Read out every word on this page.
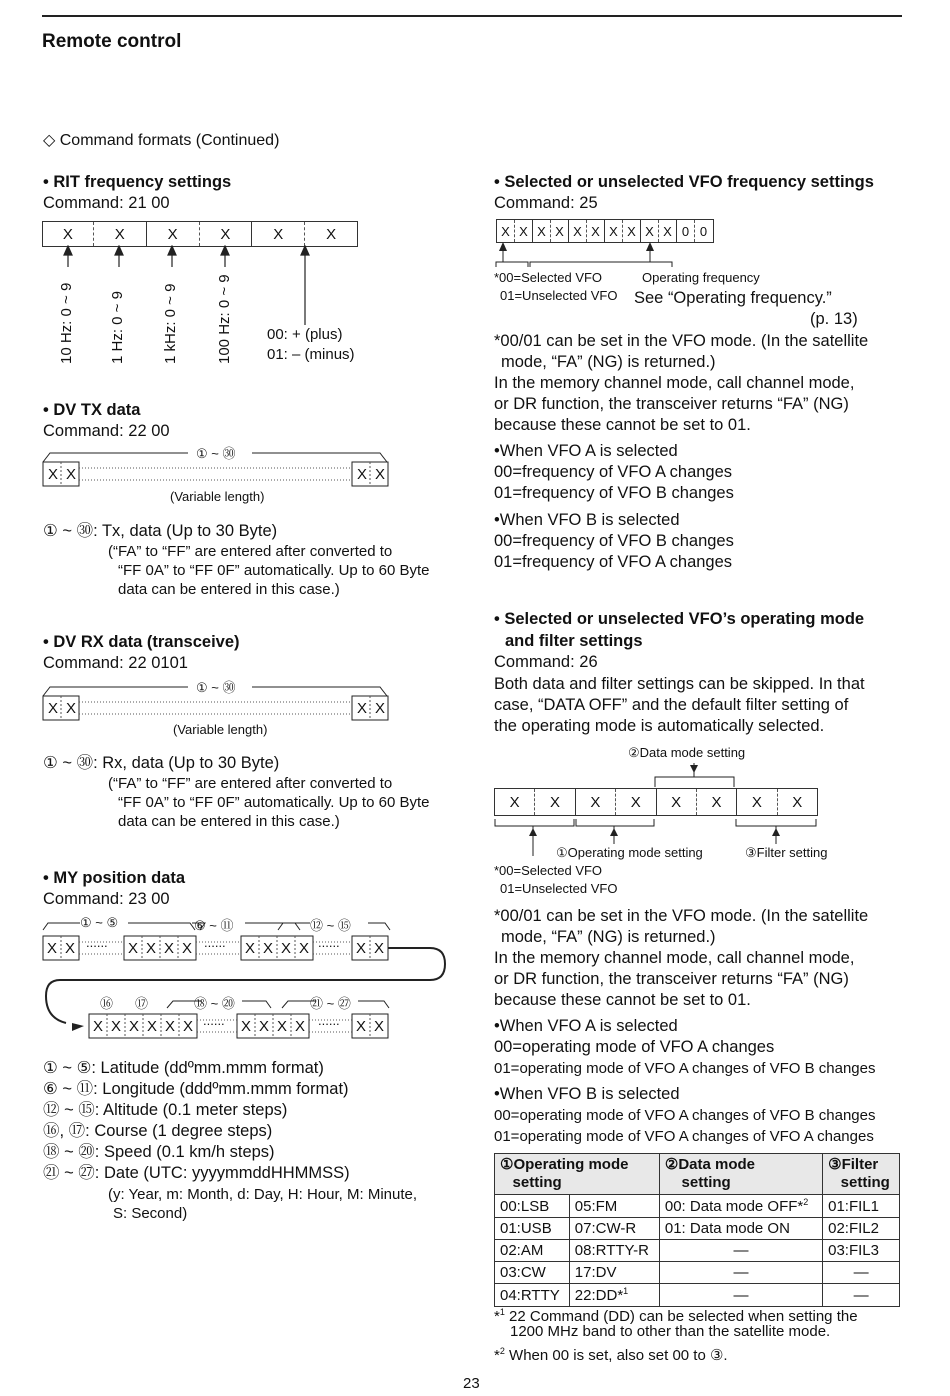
Remote control
◇ Command formats (Continued)
• RIT frequency settings
Command: 21 00
X	X	X	X	X	X
10 Hz: 0 ~ 9 1 Hz: 0 ~ 9 1 kHz: 0 ~ 9 100 Hz: 0 ~ 9 00: + (plus)
01: – (minus)
• DV TX data
Command: 22 00
① ~ ㉚
X X	X X
(Variable length)
① ~ ㉚: Tx, data (Up to 30 Byte)
(“FA” to “FF” are entered after converted to
“FF 0A” to “FF 0F” automatically. Up to 60 Byte
data can be entered in this case.)
• DV RX data (transceive)
Command: 22 0101
① ~ ㉚
X X	X X
(Variable length)
① ~ ㉚: Rx, data (Up to 30 Byte)
(“FA” to “FF” are entered after converted to
“FF 0A” to “FF 0F” automatically. Up to 60 Byte
data can be entered in this case.)
• MY position data
Command: 23 00
① ~ ⑤	⑥ ~ ⑪	⑫ ~ ⑮
⑯ ⑰	⑱ ~ ⑳	㉑ ~ ㉗
X X	X X X X	X X X X	X X
X X X X X X	X X X X	X X
......	......	......
......	......
① ~ ⑤: Latitude (ddºmm.mmm format)
⑥ ~ ⑪: Longitude (dddºmm.mmm format)
⑫ ~ ⑮: Altitude (0.1 meter steps)
⑯, ⑰: Course (1 degree steps)
⑱ ~ ⑳: Speed (0.1 km/h steps)
㉑ ~ ㉗: Date (UTC: yyyymmddHHMMSS)
(y: Year, m: Month, d: Day, H: Hour, M: Minute,
S: Second)
• Selected or unselected VFO frequency settings
Command: 25
X X X X X X X X X X 0 0
*00=Selected VFO
01=Unselected VFO
Operating frequency
See “Operating frequency.”
(p. 13)
*00/01 can be set in the VFO mode. (In the satellite
mode, “FA” (NG) is returned.)
In the memory channel mode, call channel mode,
or DR function, the transceiver returns “FA” (NG)
because these cannot be set to 01.
•When VFO A is selected
00=frequency of VFO A changes
01=frequency of VFO B changes
•When VFO B is selected
00=frequency of VFO B changes
01=frequency of VFO A changes
• Selected or unselected VFO’s operating mode
and filter settings
Command: 26
Both data and filter settings can be skipped. In that
case, “DATA OFF” and the default filter setting of
the operating mode is automatically selected.
②Data mode setting
X	X	X	X	X	X	X	X
①Operating mode setting	③Filter setting
*00=Selected VFO
01=Unselected VFO
*00/01 can be set in the VFO mode. (In the satellite
mode, “FA” (NG) is returned.)
In the memory channel mode, call channel mode,
or DR function, the transceiver returns “FA” (NG)
because these cannot be set to 01.
•When VFO A is selected
00=operating mode of VFO A changes
01=operating mode of VFO A changes of VFO B changes
•When VFO B is selected
00=operating mode of VFO A changes of VFO B changes
01=operating mode of VFO A changes of VFO A changes
①Operating mode
setting		②Data mode
setting	③Filter
setting
00:LSB	05:FM	00: Data mode OFF*$^2$	01:FIL1
01:USB	07:CW-R	01: Data mode ON	02:FIL2
02:AM	08:RTTY-R	—	03:FIL3
03:CW	17:DV	—	—
04:RTTY	22:DD*$^1$	—	—
*$^1$ 22 Command (DD) can be selected when setting the
1200 MHz band to other than the satellite mode.
*$^2$ When 00 is set, also set 00 to ③.
23
